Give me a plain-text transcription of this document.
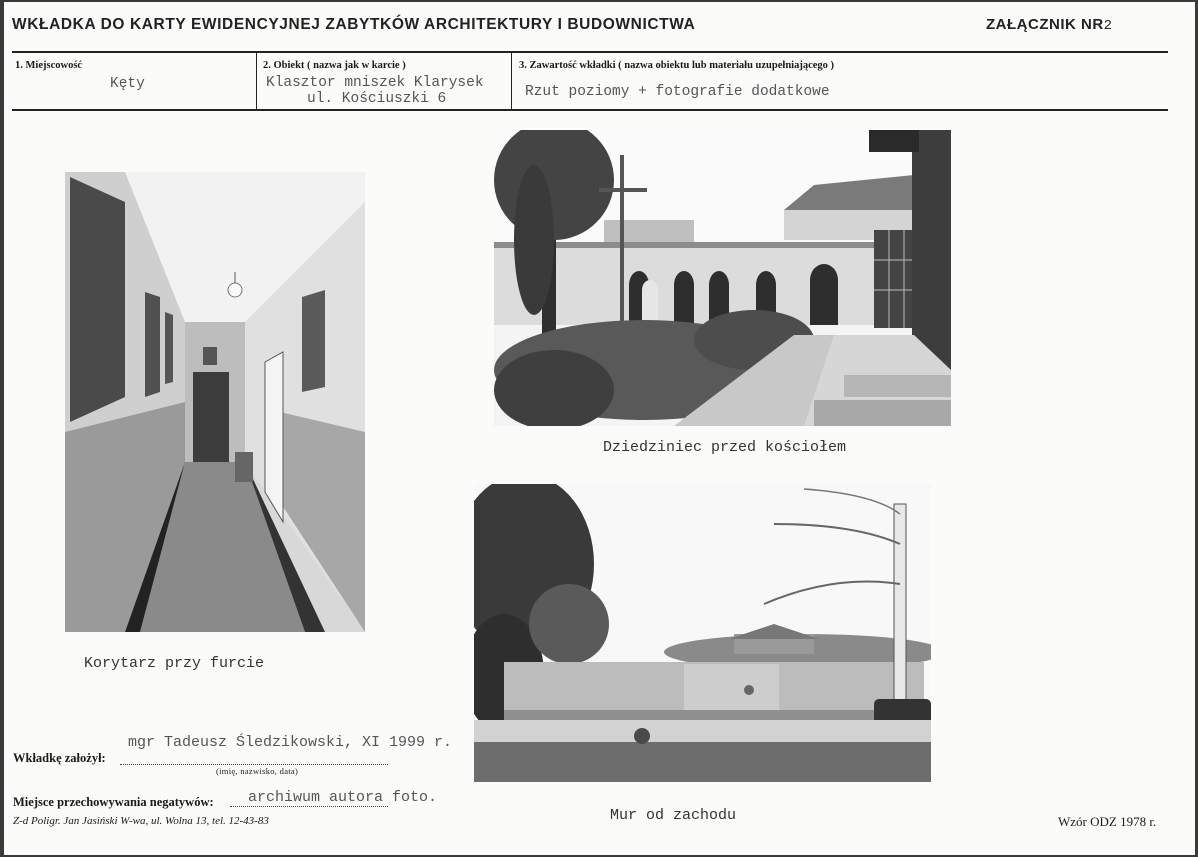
WKŁADKA DO KARTY EWIDENCYJNEJ ZABYTKÓW ARCHITEKTURY I BUDOWNICTWA	ZAŁĄCZNIK NR2
1. Miejscowość
Kęty
2. Obiekt ( nazwa jak w karcie )
Klasztor mniszek Klarysek
ul. Kościuszki 6
3. Zawartość wkładki ( nazwa obiektu lub materiału uzupełniającego )
Rzut poziomy + fotografie dodatkowe
Korytarz przy furcie
Dziedziniec przed kościołem
Mur od zachodu
mgr Tadeusz Śledzikowski, XI 1999 r.
Wkładkę założył:
(imię, nazwisko, data)
Miejsce przechowywania negatywów: archiwum autora foto.
Z-d Poligr. Jan Jasiński W-wa, ul. Wolna 13, tel. 12-43-83	Wzór ODZ 1978 r.
